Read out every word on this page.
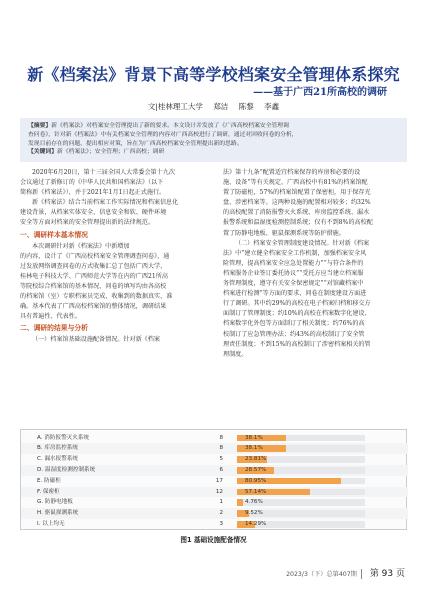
新《档案法》背景下高等学校档案安全管理体系探究
——基于广西21所高校的调研
文|桂林理工大学 郑洁 陈黎 李鑫

【摘要】新《档案法》对档案安全管理提出了新的要求。本文设计并发放了《广西高校档案安全管理调

查问卷》，针对新《档案法》中有关档案安全管理的内容对广西高校进行了调研，通过对回收问卷的分析，

发现目前存在的问题，提出相应对策，旨在为广西高校档案安全管理提出新的思路。

【关键词】新《档案法》；安全管理；广西高校；调研

2020年6月20日，第十三届全国人大常委会第十九次

会议通过了新修订的《中华人民共和国档案法》（以下

简称新《档案法》），并于2021年1月1日起正式施行。

新《档案法》结合当前档案工作实际情况和档案信息化

建设背景，从档案实体安全、信息安全和软、硬件环境

安全等方面对档案的安全管理提出新的法律规范。

一、调研样本基本情况

本次调研针对新《档案法》中新增加

的内容，设计了《广西高校档案安全管理调查问卷》，通

过发放网络调查问卷的方式收集汇总了包括广西大学、

桂林电子科技大学、广西师范大学等在内的广西21所高

等院校综合档案馆的基本情况，问卷的填写均由各高校

的档案馆（室）专职档案员完成，收集到的数据真实、准

确。基本代表了广西高校档案馆的整体情况，调研结果

具有普遍性、代表性。

二、调研的结果与分析

（一）档案馆基础设施配备情况。针对新《档案

法》第十九条“配置适宜档案保存的库房和必要的设

施、设备”等有关规定，广西高校中有81%的档案馆配

置了防磁柜，57%的档案馆配置了保密柜，用于保存光

盘、涉密档案等。这两种设施的配置相对较多；约32%

的高校配置了消防报警灭火系统、库房监控系统、漏水

报警系统和温湿度检测控制系统；仅有不到8%的高校配

置了防静电地板、驱鼠探测系统等防护措施。

（二）档案安全管理制度建设情况。针对新《档案

法》中“建立健全档案安全工作机制，加强档案安全风

险管理，提高档案安全应急处置能力”“与符合条件的

档案服务企业签订委托协议”“受托方应当建立档案服

务管理制度，遵守有关安全保密规定”“对馆藏档案中

档案进行检测”等方面的要求，问卷在制度建设方面进

行了调研。其中约29%的高校在电子档案归档和移交方

面制订了管理制度；约10%的高校在档案数字化建设、

档案数字化外包等方面制订了相关制度；约76%的高

校制订了应急管理办法；约43%的高校制订了安全管

理责任制度；不到15%的高校制订了涉密档案相关的管

理制度。

A. 消防报警灭火系统	8	38.1%
B. 库房监控系统	8	38.1%
C. 漏水报警系统	5	23.81%
D. 温湿度检测控制系统	6	28.57%
E. 防磁柜	17	80.95%
F. 保密柜	12	57.14%
G. 防静电地板	1	4.76%
H. 驱鼠探测系统	2	9.52%
I. 以上均无	3	14.29%
图1 基础设施配备情况
2023/3（下）总第407期 第 93 页
